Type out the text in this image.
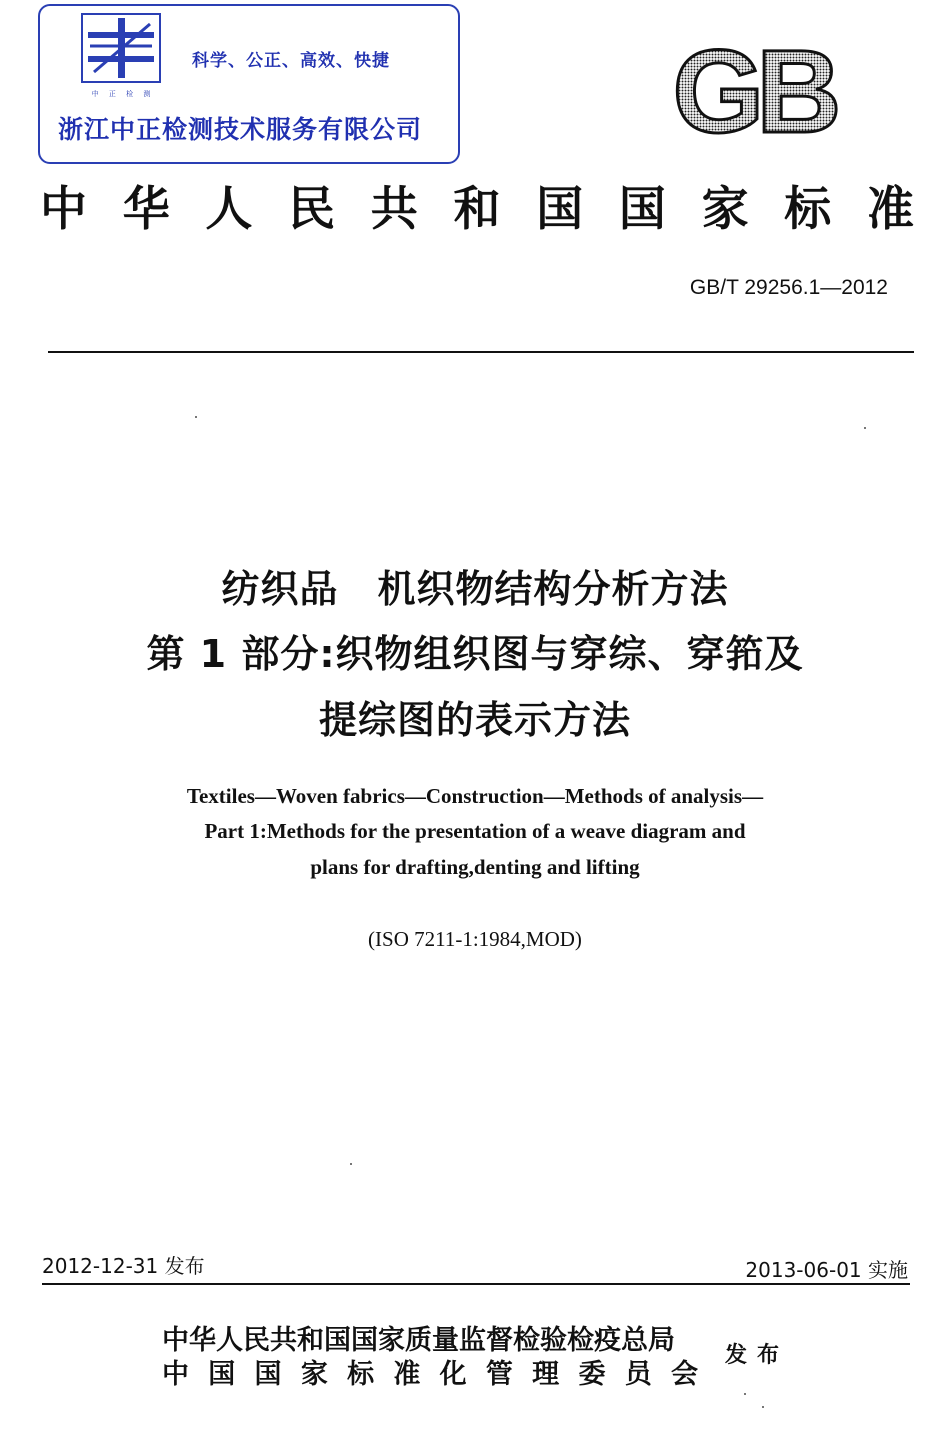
科学、公正、高效、快捷
中 正 检 测
浙江中正检测技术服务有限公司 GB
中华人民共和国国家标准
GB/T 29256.1—2012
纺织品　机织物结构分析方法
第 1 部分:织物组织图与穿综、穿筘及
提综图的表示方法
Textiles—Woven fabrics—Construction—Methods of analysis—
Part 1:Methods for the presentation of a weave diagram and
plans for drafting,denting and lifting
(ISO 7211-1:1984,MOD)
2012-12-31 发布	2013-06-01 实施
中华人民共和国国家质量监督检验检疫总局
中国国家标准化管理委员会
发布
